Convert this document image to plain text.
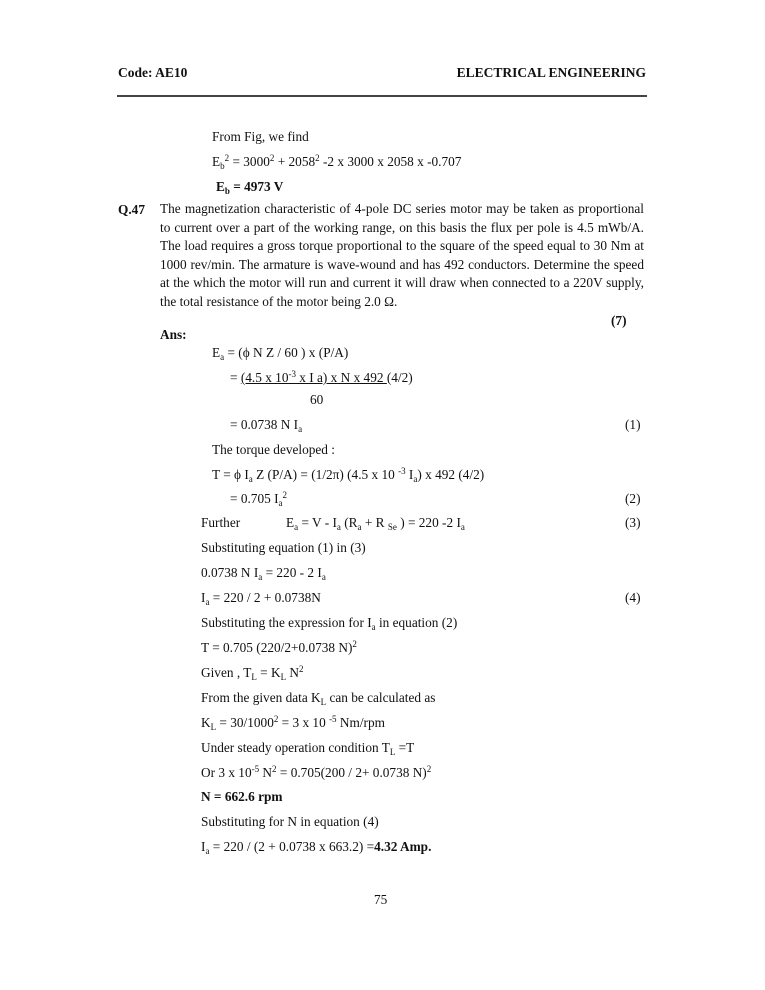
Code: AE10	ELECTRICAL ENGINEERING
From Fig, we find
$E_b^2 = 3000^2 + 2058^2$ -2 x 3000 x 2058 x -0.707
$E_b = 4973$ V
Q.47 The magnetization characteristic of 4-pole DC series motor may be taken as proportional to current over a part of the working range, on this basis the flux per pole is 4.5 mWb/A. The load requires a gross torque proportional to the square of the speed equal to 30 Nm at 1000 rev/min. The armature is wave-wound and has 492 conductors. Determine the speed at the which the motor will run and current it will draw when connected to a 220V supply, the total resistance of the motor being 2.0 Ω.
(7)
Ans:
$E_a = (\phi$ N Z / 60 ) x (P/A)
= (4.5 x $10^{-3}$ x I a) x N x 492 (4/2)
60
= 0.0738 N $I_a$	(1)
The torque developed :
T = ϕ $I_a$ Z (P/A) = (1/2π) (4.5 x 10 $^{-3}$ $I_a$) x 492 (4/2)
= 0.705 $I_a^2$	(2)
Further	$E_a = V - I_a$ ($R_a + R$ $_{Se}$ ) = 220 -2 $I_a$	(3)
Substituting equation (1) in (3)
0.0738 N $I_a = 220 - 2$ $I_a$
$I_a = 220 / 2 + 0.0738N$	(4)
Substituting the expression for $I_a$ in equation (2)
T = 0.705 (220/2+0.0738 N)$^2$
Given , $T_L = K_L$ $N^2$
From the given data $K_L$ can be calculated as
$K_L = 30/1000^2 = 3$ x 10 $^{-5}$ Nm/rpm
Under steady operation condition $T_L =T$
Or 3 x $10^{-5}$ $N^2 = 0.705(200 / 2+ 0.0738$ N)$^2$
N = 662.6 rpm
Substituting for N in equation (4)
$I_a = 220 / (2 + 0.0738$ x 663.2) =4.32 Amp.
75
